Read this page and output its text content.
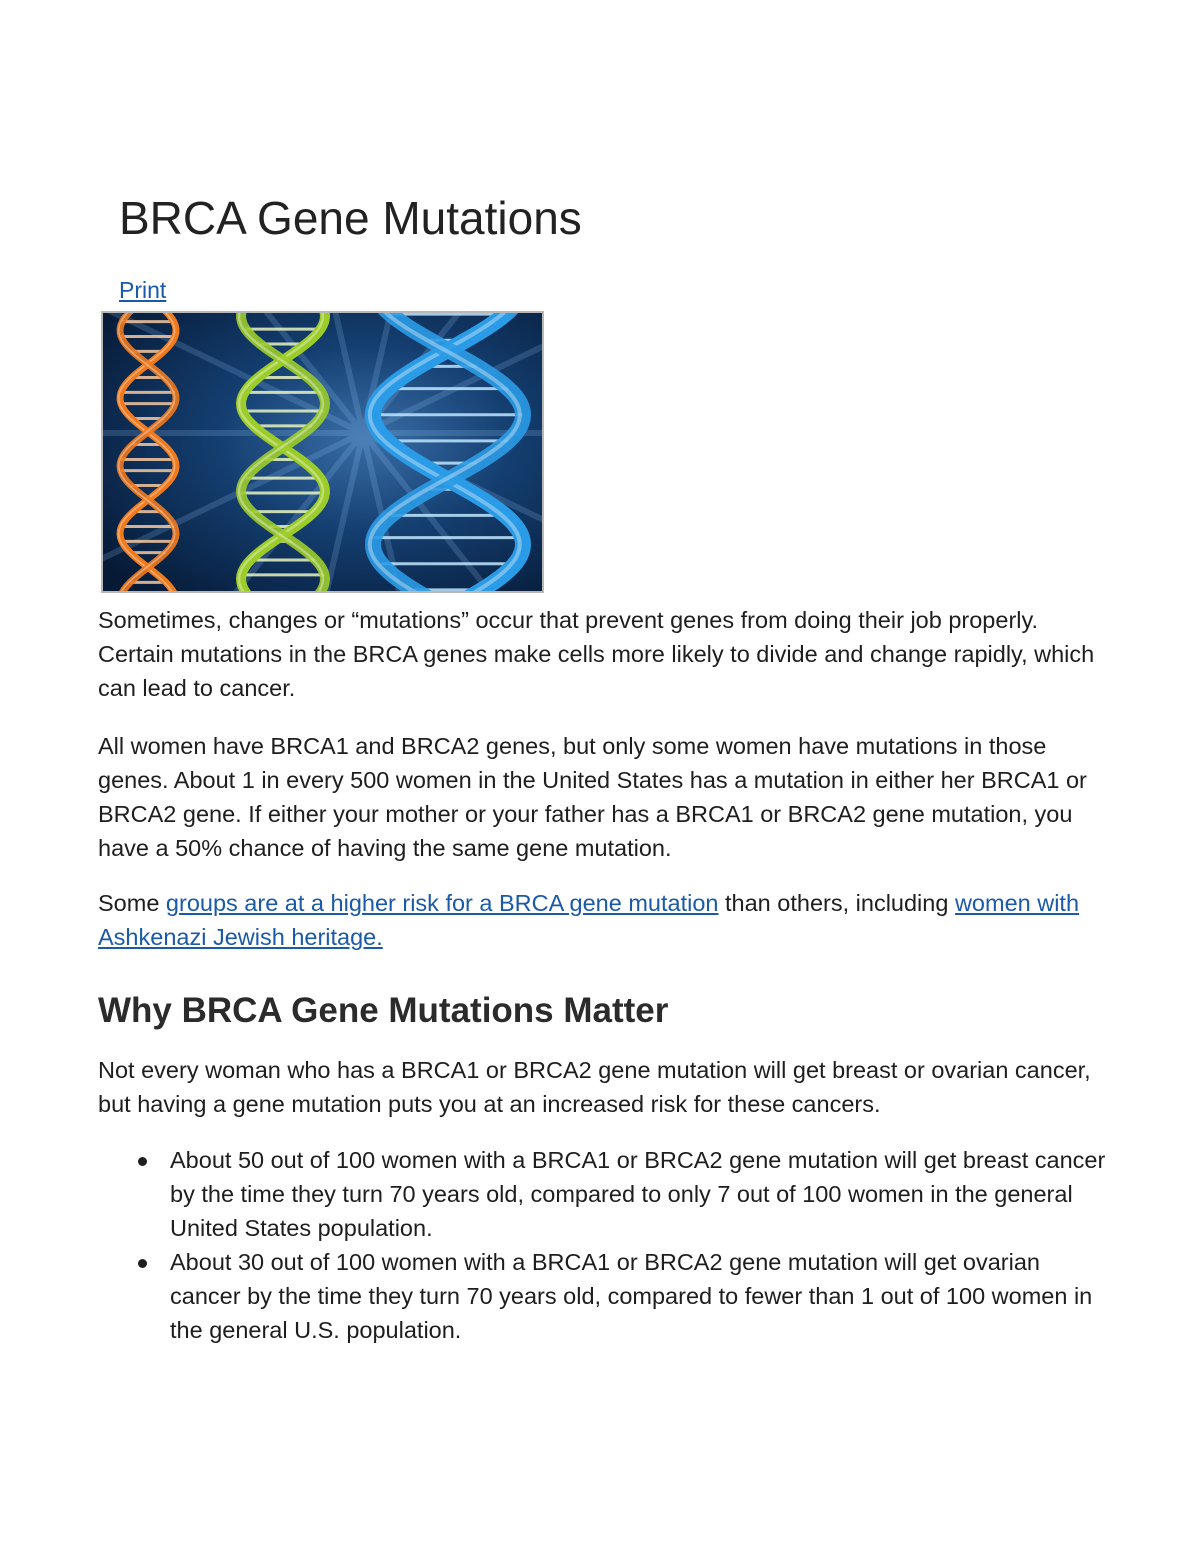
BRCA Gene Mutations
Print

Sometimes, changes or “mutations” occur that prevent genes from doing their job properly. Certain mutations in the BRCA genes make cells more likely to divide and change rapidly, which can lead to cancer.

All women have BRCA1 and BRCA2 genes, but only some women have mutations in those genes. About 1 in every 500 women in the United States has a mutation in either her BRCA1 or BRCA2 gene. If either your mother or your father has a BRCA1 or BRCA2 gene mutation, you have a 50% chance of having the same gene mutation.

Some groups are at a higher risk for a BRCA gene mutation than others, including women with Ashkenazi Jewish heritage.

Why BRCA Gene Mutations Matter

Not every woman who has a BRCA1 or BRCA2 gene mutation will get breast or ovarian cancer, but having a gene mutation puts you at an increased risk for these cancers.

About 50 out of 100 women with a BRCA1 or BRCA2 gene mutation will get breast cancer by the time they turn 70 years old, compared to only 7 out of 100 women in the general United States population.
About 30 out of 100 women with a BRCA1 or BRCA2 gene mutation will get ovarian cancer by the time they turn 70 years old, compared to fewer than 1 out of 100 women in the general U.S. population.
